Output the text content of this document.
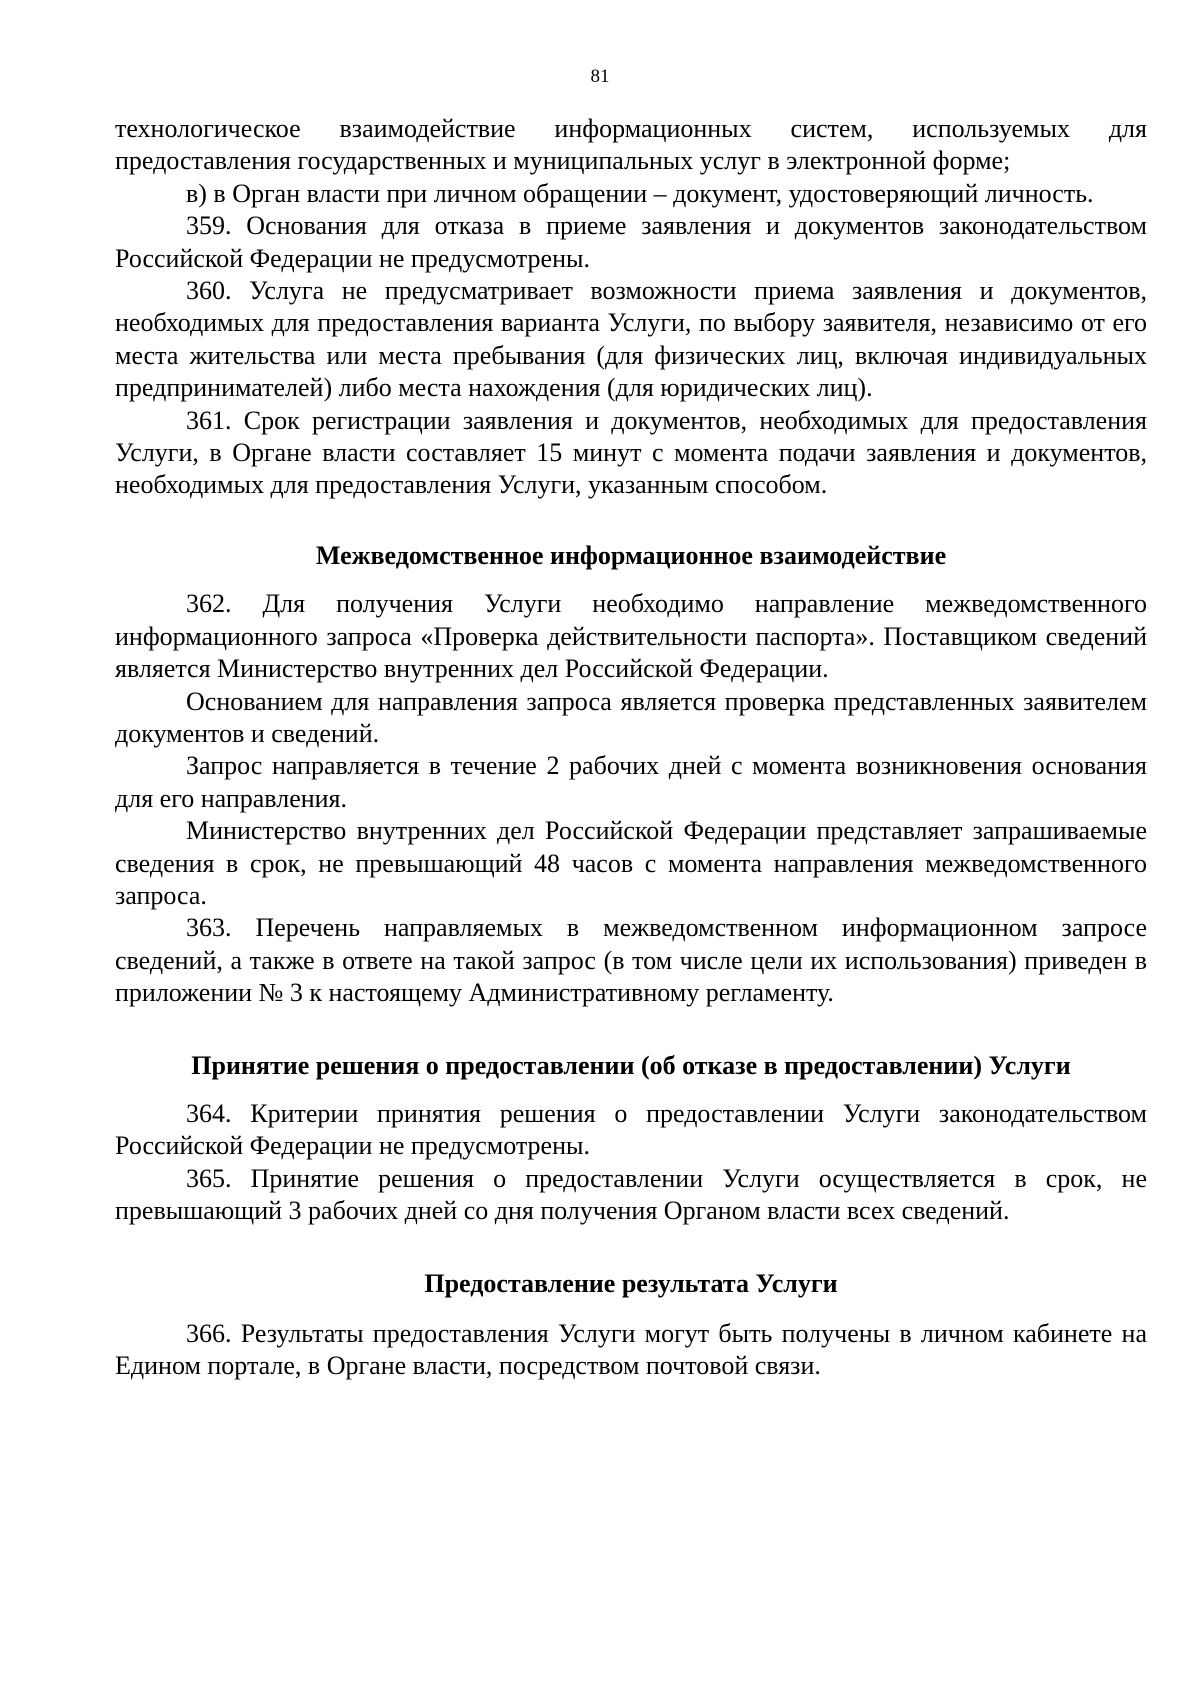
81

технологическое взаимодействие информационных систем, используемых для предоставления государственных и муниципальных услуг в электронной форме;

в) в Орган власти при личном обращении – документ, удостоверяющий личность.

359. Основания для отказа в приеме заявления и документов законодательством Российской Федерации не предусмотрены.

360. Услуга не предусматривает возможности приема заявления и документов, необходимых для предоставления варианта Услуги, по выбору заявителя, независимо от его места жительства или места пребывания (для физических лиц, включая индивидуальных предпринимателей) либо места нахождения (для юридических лиц).

361. Срок регистрации заявления и документов, необходимых для предоставления Услуги, в Органе власти составляет 15 минут с момента подачи заявления и документов, необходимых для предоставления Услуги, указанным способом.

Межведомственное информационное взаимодействие

362. Для получения Услуги необходимо направление межведомственного информационного запроса «Проверка действительности паспорта». Поставщиком сведений является Министерство внутренних дел Российской Федерации.

Основанием для направления запроса является проверка представленных заявителем документов и сведений.

Запрос направляется в течение 2 рабочих дней с момента возникновения основания для его направления.

Министерство внутренних дел Российской Федерации представляет запрашиваемые сведения в срок, не превышающий 48 часов с момента направления межведомственного запроса.

363. Перечень направляемых в межведомственном информационном запросе сведений, а также в ответе на такой запрос (в том числе цели их использования) приведен в приложении № 3 к настоящему Административному регламенту.

Принятие решения о предоставлении (об отказе в предоставлении) Услуги

364. Критерии принятия решения о предоставлении Услуги законодательством Российской Федерации не предусмотрены.

365. Принятие решения о предоставлении Услуги осуществляется в срок, не превышающий 3 рабочих дней со дня получения Органом власти всех сведений.

Предоставление результата Услуги

366. Результаты предоставления Услуги могут быть получены в личном кабинете на Едином портале, в Органе власти, посредством почтовой связи.
